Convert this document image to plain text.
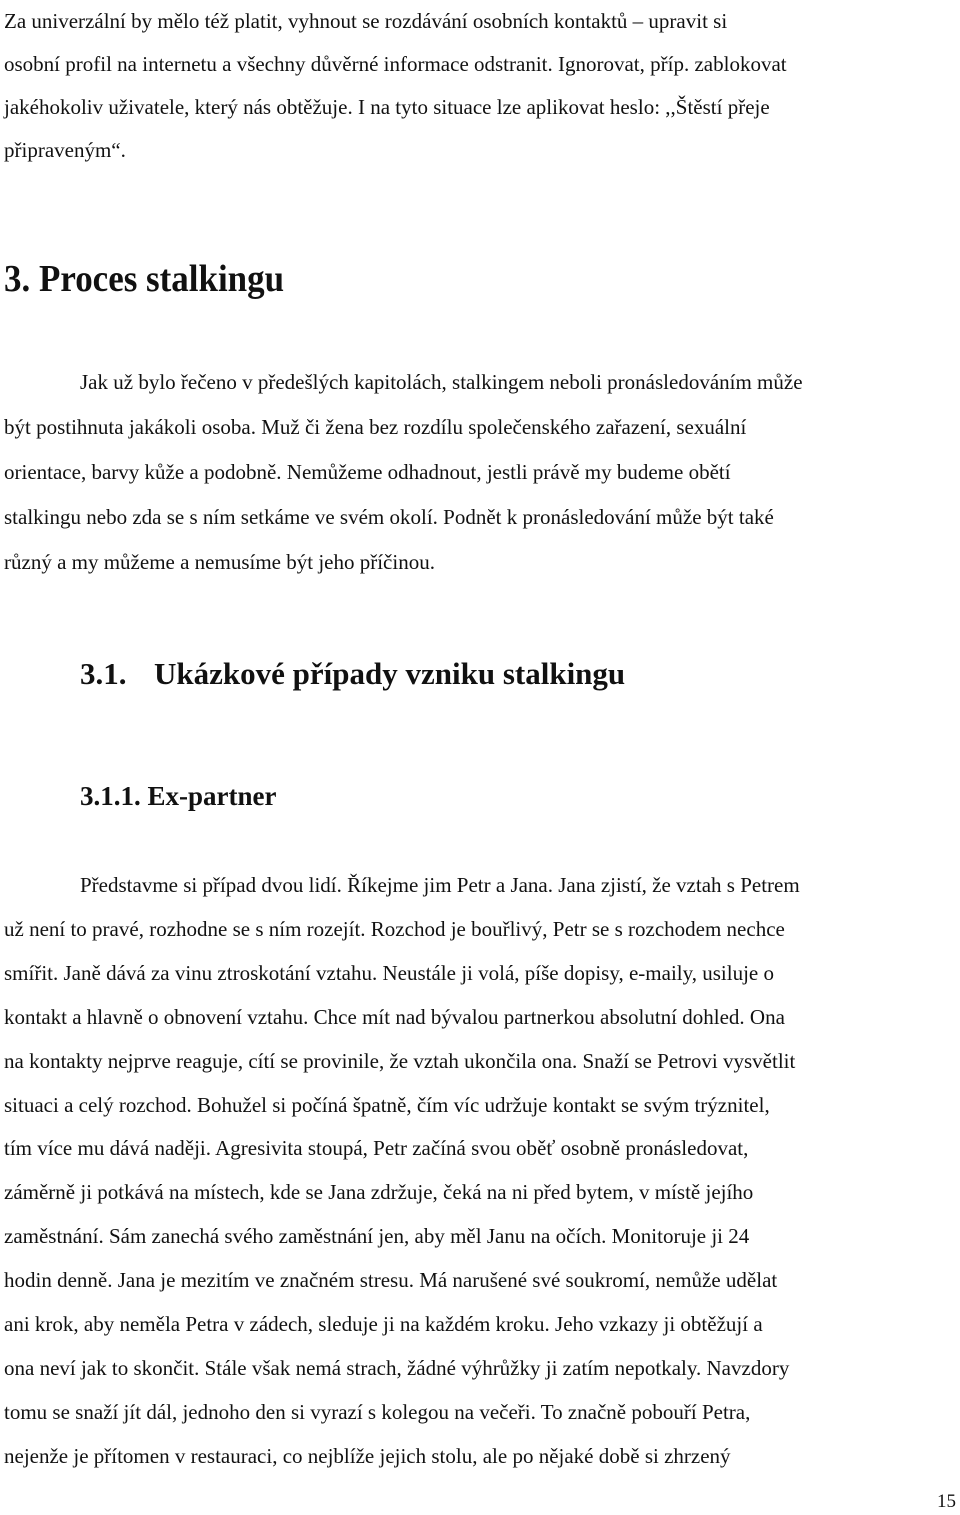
Za univerzální by mělo též platit, vyhnout se rozdávání osobních kontaktů – upravit si
osobní profil na internetu a všechny důvěrné informace odstranit. Ignorovat, příp. zablokovat
jakéhokoliv uživatele, který nás obtěžuje. I na tyto situace lze aplikovat heslo: ,,Štěstí přeje
připraveným“.
3. Proces stalkingu
Jak už bylo řečeno v předešlých kapitolách, stalkingem neboli pronásledováním může
být postihnuta jakákoli osoba. Muž či žena bez rozdílu společenského zařazení, sexuální
orientace, barvy kůže a podobně. Nemůžeme odhadnout, jestli právě my budeme obětí
stalkingu nebo zda se s ním setkáme ve svém okolí. Podnět k pronásledování může být také
různý a my můžeme a nemusíme být jeho příčinou.
3.1. Ukázkové případy vzniku stalkingu
3.1.1. Ex-partner
Představme si případ dvou lidí. Říkejme jim Petr a Jana. Jana zjistí, že vztah s Petrem
už není to pravé, rozhodne se s ním rozejít. Rozchod je bouřlivý, Petr se s rozchodem nechce
smířit. Janě dává za vinu ztroskotání vztahu. Neustále ji volá, píše dopisy, e-maily, usiluje o
kontakt a hlavně o obnovení vztahu. Chce mít nad bývalou partnerkou absolutní dohled. Ona
na kontakty nejprve reaguje, cítí se provinile, že vztah ukončila ona. Snaží se Petrovi vysvětlit
situaci a celý rozchod. Bohužel si počíná špatně, čím víc udržuje kontakt se svým trýznitel,
tím více mu dává naději. Agresivita stoupá, Petr začíná svou oběť osobně pronásledovat,
záměrně ji potkává na místech, kde se Jana zdržuje, čeká na ni před bytem, v místě jejího
zaměstnání. Sám zanechá svého zaměstnání jen, aby měl Janu na očích. Monitoruje ji 24
hodin denně. Jana je mezitím ve značném stresu. Má narušené své soukromí, nemůže udělat
ani krok, aby neměla Petra v zádech, sleduje ji na každém kroku. Jeho vzkazy ji obtěžují a
ona neví jak to skončit. Stále však nemá strach, žádné výhrůžky ji zatím nepotkaly. Navzdory
tomu se snaží jít dál, jednoho den si vyrazí s kolegou na večeři. To značně pobouří Petra,
nejenže je přítomen v restauraci, co nejblíže jejich stolu, ale po nějaké době si zhrzený
15
